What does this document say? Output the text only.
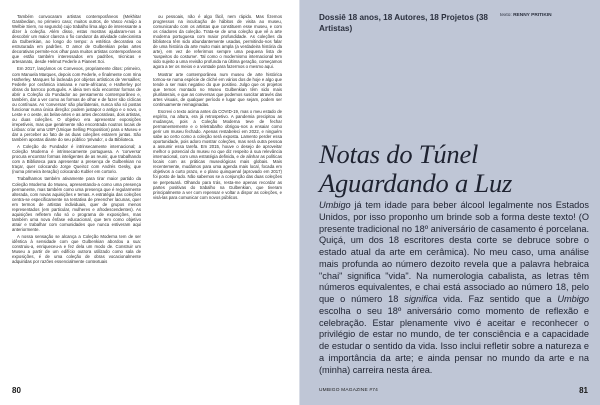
Também convocaram artistas contemporâneos (Mekhitar Garabedian, no primeiro caso; muitos outros, de Vasco Araújo a Welbie Siem, no segundo) cujo trabalho lima algo de interessante a dizer à coleção. Além disso, estas mostras ajudaram-nos a descobrir um maior clareza o fio condutor da atividade colecionista da Gulbenkian, ao longo do tempo: a estética decorativa ou estruturada em padrões. O amor de Gulbenkian pelas artes decorativas permite-nos olhar para muitos artistas contemporâneos que estão também interessados em padrões, técnicas e artesanato, desde Helmut Federle a Pianeet Soi.

Em 2017, lançámos os Convexos, propriamente ditos: primeiro, com Manuela Marques, depois com Federle, e finalmente com Irina Hatherley. Marques foi lacleada por objetos artísticos de Versailles; Federle por cerâmica iraniana e norte-africana; e Hatherley por obras do barroco português. A ideia tem sido encontrar formas de abrir a Coleção do Fundador ao pensamento contemporâneo e, também, dar a ver como as formas de olhar e de fazer são cíclicas ou contínuas. As 'conversas' são plurilaterais, nunca são só postas funcionar numa única direção: podem justapor o antigo e o novo, o Leste e o oeste, as belas-artes e as artes decorativas, dois artistas, ou duas coleções. O objetivo era apresentar exposições irrepetíveis, mas que geralmente não encontrada noutros locais de Lisboa: criar uma USP (Unique Selling Proposition) para o Museu e dar a perceber ao fato de as duas coleções estarem juntas. São também apostas diante do seu público 'privado', o da Biblioteca.

A Coleção do Fundador é intrinsecamente internacional; a Coleção Moderna é intrinsecamente portuguesa. A 'conversa' procura encontrar formas inteligentes de as reunir, que trabalhando com a Biblioteca para apresentar a presença de Gulbenkian no traçar, quer colocando Jorge Queiroz com Andrés Gesky, que (numa primeira iteração) colocando Kubler em cortorio.

Trabalhamos também ativamente para tirar maior partido da Coleção Moderna do Museu, apresentando-a como uma presença permanente, mas também como uma presença que é regularmente alterada, com novas aquisições e temas. A estratégia das coleções centra-se especificamente na tentativa de preencher lacunas, quer em termos de artistas individuais, quer de grupos menos representados (em particular, mulheres e afrodescendentes). As aquisições refletem não só o programa de exposições, mas também uma nova ênfase educacional, que tem como objetivo atrair e trabalhar com comunidades que nunca estiveram aqui anteriormente.

A nossa sensação se alcança a Coleção Moderna tem de ser idêntica à sensidade com que Gulbenkian abordou a sua: construiu-a, enriqueceu-a e fez dela um modo de. Construir um Museu a partir de um edifício outrora utilizado como sala de exposições, é de uma coleção de obras vocacionalmente adquiridas por razões essencialmente contextuais

ou pessoais, não é algo fácil, nem rápido. Mas fizemos progressos na inculcação de hábitos de visita ao museu, comunicando com os artistas que constituem esse museu, e com os criadores da coleção. Trata-se de uma coleção que vê a arte moderna portuguesa com maior profundidade. As coleções da biblioteca têm sido abundantemente usadas, permitindo-nos falar de uma história da arte muito mais ampla (a verdadeira história da arte), em vez de referirmos sempre uma pequena lista de 'suspeitos do costume'. Tal como o modernismo internacional tem sido sujeito a uma revisão profunda na última geração, começamos agora a ter os meios e a vontade para fazermos o mesmo aqui.

Mostrar arte contemporânea num museu de arte histórica tornou-se numa espécie de cliché em vários dos de hoje e algo que tende a ser mais negativo do que positivo. Julgo que os projetos que temos montado no Museu Gulbenkian têm sido mais plurilaterais, e que as conversas que podemos suscitar através das artes visuais, de qualquer período e lugar que sejam, podem ser continuamente reimaginadas.

Escrevi o texto acima antes da COVID-19, mas o meu estado de espírito, na altura, era já retrospetivo. A pandemia precipitou as mudanças, pois a Coleção Moderna teve de fechar permanentemente e o teletrabalho obrigou-nos a ensaiar como gerir um museu fechado. Apenas restabeleci em 2022, e ninguém sabe ao certo como a coleção será exposta. Lamento perder essa oportunidade, pois adoro mostrar coleções, mas será outra pessoa a assumir essa tarefa. Em 2015, houve o desejo de aproveitar melhor o potencial do museu no que diz respeito à sua relevância internacional, com uma estratégia definida, e de alinhar as políticas locais com as práticas museológicas mais globais. Mais recentemente, mudámos para uma agenda mais local, focada em objetivos a curto prazo, e o plano quinquenal (aprovado em 2017) foi posto de lado. Não sabemos se a conjunção das duas coleções se perpetuará. Olhando para trás, resta-me apenas recordar as partes positivas do trabalho na Gulbenkian, que tiveram principalmente a ver com repensar e voltar a dispor as coleções, e visá-las para comunicar com novos públicos.

80
Dossiê 18 anos, 18 Autores, 18 Projetos (38 Artistas)
texto: RENNY PRITIKIN
Notas do Túnel Aguardando a Luz

Umbigo já tem idade para beber álcool legalmente nos Estados Unidos, por isso proponho um brinde sob a forma deste texto! (O presente tradicional no 18º aniversário de casamento é porcelana. Quiçá, um dos 18 escritores desta corte se debruce sobre o estado atual da arte em cerâmica). No meu caso, uma análise mais profunda ao número dezoito revela que a palavra hebraica "chai" significa "vida". Na numerologia cabalista, as letras têm números equivalentes, e chai está associado ao número 18, pelo que o número 18 significa vida. Faz sentido que a Umbigo escolha o seu 18º aniversário como momento de reflexão e celebração. Estar plenamente vivo é aceitar e reconhecer o privilégio de estar no mundo, de ter consciência e a capacidade de estudar o sentido da vida. Isso inclui refletir sobre a natureza e a importância da arte; e ainda pensar no mundo da arte e na (minha) carreira nesta área.

UMBIGO MAGAZINE #74	81
